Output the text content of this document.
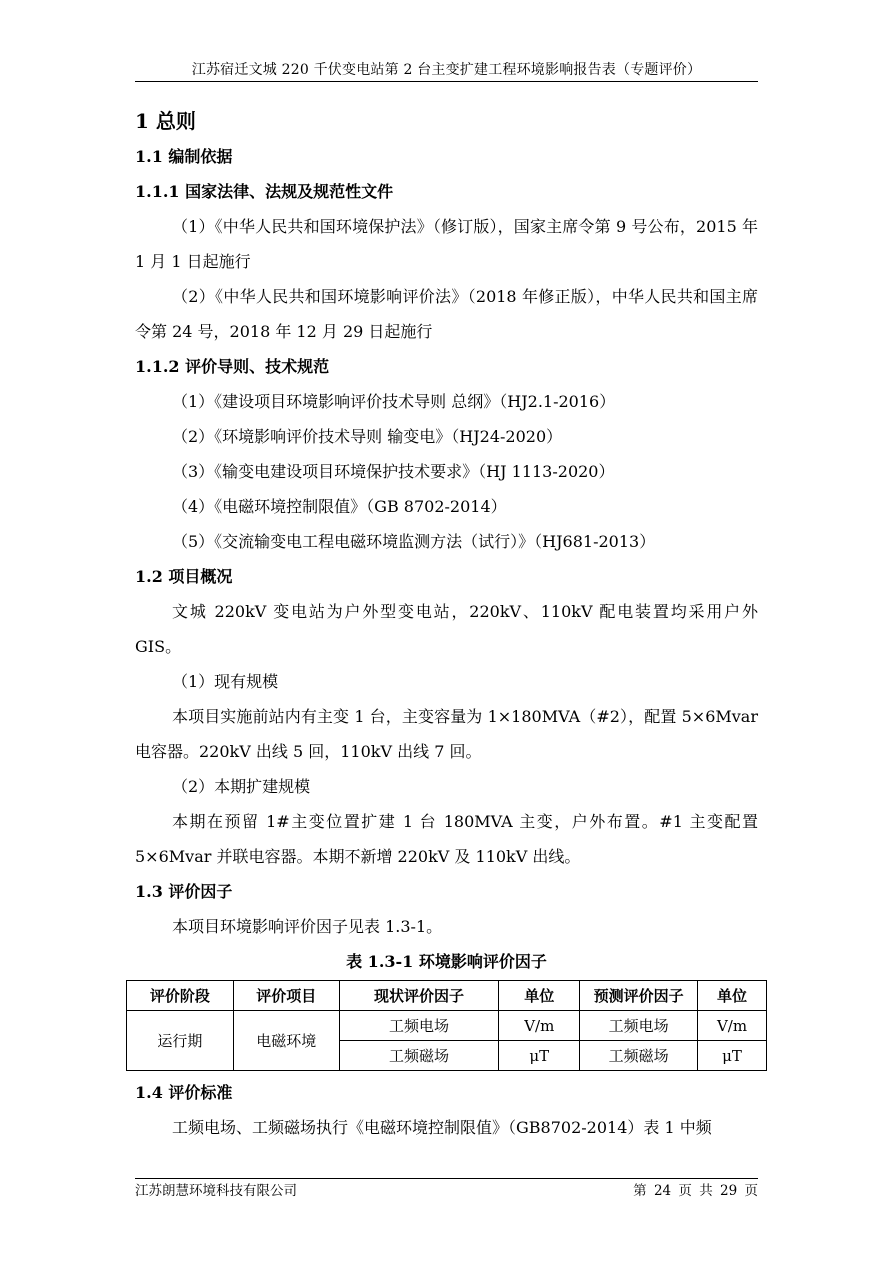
江苏宿迁文城 220 千伏变电站第 2 台主变扩建工程环境影响报告表（专题评价）
1 总则
1.1 编制依据
1.1.1 国家法律、法规及规范性文件
（1）《中华人民共和国环境保护法》（修订版），国家主席令第 9 号公布，2015 年 1 月 1 日起施行
（2）《中华人民共和国环境影响评价法》（2018 年修正版），中华人民共和国主席令第 24 号，2018 年 12 月 29 日起施行
1.1.2 评价导则、技术规范
（1）《建设项目环境影响评价技术导则 总纲》（HJ2.1-2016）
（2）《环境影响评价技术导则 输变电》（HJ24-2020）
（3）《输变电建设项目环境保护技术要求》（HJ 1113-2020）
（4）《电磁环境控制限值》（GB 8702-2014）
（5）《交流输变电工程电磁环境监测方法（试行）》（HJ681-2013）
1.2 项目概况
文城 220kV 变电站为户外型变电站，220kV、110kV 配电装置均采用户外 GIS。
（1）现有规模
本项目实施前站内有主变 1 台，主变容量为 1×180MVA（#2），配置 5×6Mvar 电容器。220kV 出线 5 回，110kV 出线 7 回。
（2）本期扩建规模
本期在预留 1#主变位置扩建 1 台 180MVA 主变，户外布置。#1 主变配置 5×6Mvar 并联电容器。本期不新增 220kV 及 110kV 出线。
1.3 评价因子
本项目环境影响评价因子见表 1.3-1。
表 1.3-1 环境影响评价因子
评价阶段	评价项目	现状评价因子	单位	预测评价因子	单位
运行期	电磁环境	工频电场	V/m	工频电场	V/m
		工频磁场	μT	工频磁场	μT
1.4 评价标准
工频电场、工频磁场执行《电磁环境控制限值》（GB8702-2014）表 1 中频
江苏朗慧环境科技有限公司	第 24 页 共 29 页
